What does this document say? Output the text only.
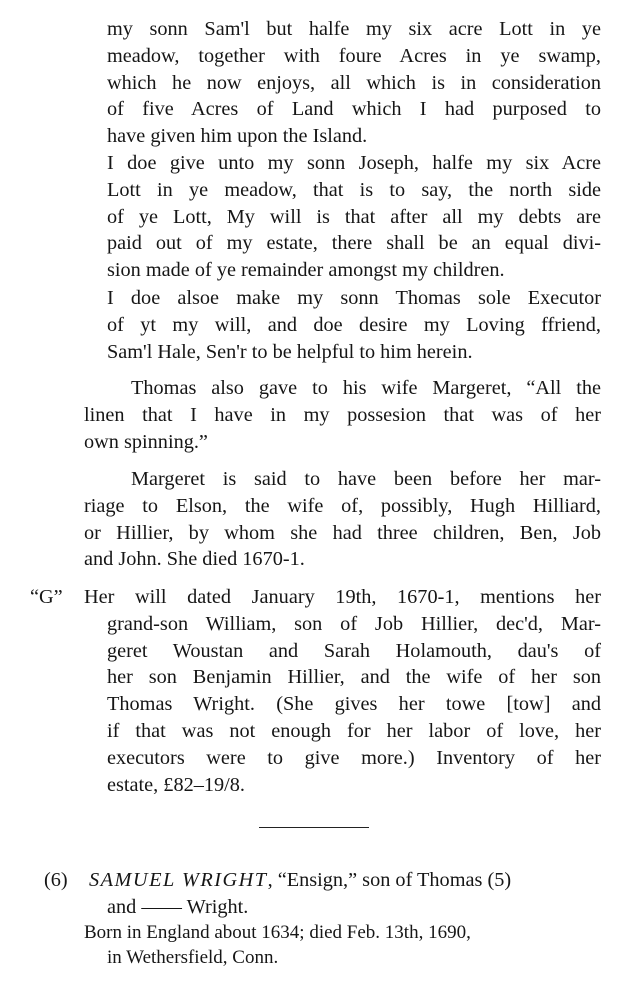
my sonn Sam'l but halfe my six acre Lott in ye
meadow, together with foure Acres in ye swamp,
which he now enjoys, all which is in consideration
of five Acres of Land which I had purposed to
have given him upon the Island.
I doe give unto my sonn Joseph, halfe my six Acre
Lott in ye meadow, that is to say, the north side
of ye Lott, My will is that after all my debts are
paid out of my estate, there shall be an equal divi-
sion made of ye remainder amongst my children.
I doe alsoe make my sonn Thomas sole Executor
of yt my will, and doe desire my Loving ffriend,
Sam'l Hale, Sen'r to be helpful to him herein.
Thomas also gave to his wife Margeret, “All the
linen that I have in my possesion that was of her
own spinning.”
Margeret is said to have been before her mar-
riage to Elson, the wife of, possibly, Hugh Hilliard,
or Hillier, by whom she had three children, Ben, Job
and John. She died 1670-1.
“G” Her will dated January 19th, 1670-1, mentions her
grand-son William, son of Job Hillier, dec'd, Mar-
geret Woustan and Sarah Holamouth, dau's of
her son Benjamin Hillier, and the wife of her son
Thomas Wright. (She gives her towe [tow] and
if that was not enough for her labor of love, her
executors were to give more.) Inventory of her
estate, £82–19/8.
(6) SAMUEL WRIGHT, “Ensign,” son of Thomas (5)
and —— Wright.
Born in England about 1634; died Feb. 13th, 1690,
in Wethersfield, Conn.
